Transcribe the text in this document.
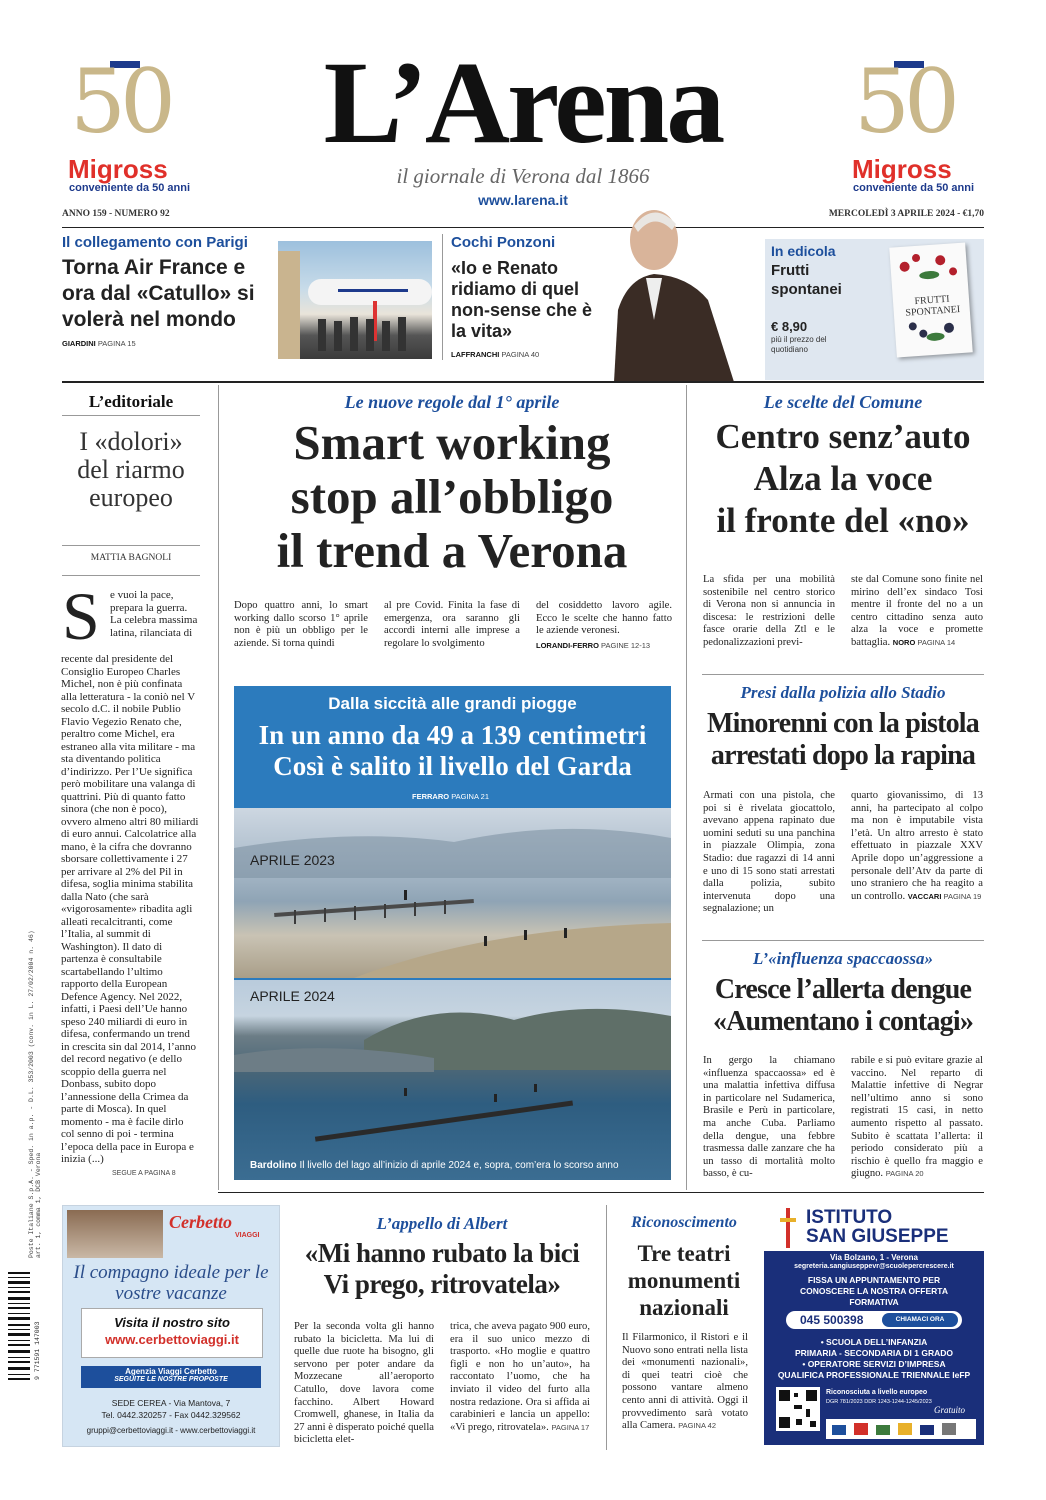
50
Migross
conveniente da 50 anni
50
Migross
conveniente da 50 anni
L’Arena
il giornale di Verona dal 1866
www.larena.it
ANNO 159 - NUMERO 92	MERCOLEDÌ 3 APRILE 2024 - €1,70
Il collegamento con Parigi
Torna Air France e ora dal «Catullo» si volerà nel mondo
GIARDINI PAGINA 15
Cochi Ponzoni
«Io e Renato ridiamo di quel non-sense che è la vita»
LAFFRANCHI PAGINA 40
In edicola
Frutti spontanei
€ 8,90
più il prezzo del quotidiano
FRUTTI SPONTANEI
L’editoriale
I «dolori» del riarmo europeo
MATTIA BAGNOLI
S e vuoi la pace, prepara la guerra. La celebra massima latina, rilanciata di
recente dal presidente del Consiglio Europeo Charles Michel, non è più confinata alla letteratura - la coniò nel V secolo d.C. il nobile Publio Flavio Vegezio Renato che, peraltro come Michel, era estraneo alla vita militare - ma sta diventando politica d’indirizzo. Per l’Ue significa però mobilitare una valanga di quattrini. Più di quanto fatto sinora (che non è poco), ovvero almeno altri 80 miliardi di euro annui. Calcolatrice alla mano, è la cifra che dovranno sborsare collettivamente i 27 per arrivare al 2% del Pil in difesa, soglia minima stabilita dalla Nato (che sarà «vigorosamente» ribadita agli alleati recalcitranti, come l’Italia, al summit di Washington). Il dato di partenza è consultabile scartabellando l’ultimo rapporto della European Defence Agency. Nel 2022, infatti, i Paesi dell’Ue hanno speso 240 miliardi di euro in difesa, confermando un trend in crescita sin dal 2014, l’anno del record negativo (e dello scoppio della guerra nel Donbass, subito dopo l’annessione della Crimea da parte di Mosca). In quel momento - ma è facile dirlo col senno di poi - termina l’epoca della pace in Europa e inizia (...)
SEGUE A PAGINA 8
Poste Italiane S.p.A. - Sped. in a.p. - D.L. 353/2003 (conv. in L. 27/02/2004 n. 46) art. 1, comma 1, DCB Verona
9 771591 147003
Le nuove regole dal 1° aprile
Smart working
stop all’obbligo
il trend a Verona
Dopo quattro anni, lo smart working dallo scorso 1° aprile non è più un obbligo per le aziende. Si torna quindi
al pre Covid. Finita la fase di emergenza, ora saranno gli accordi interni alle imprese a regolare lo svolgimento
del cosiddetto lavoro agile. Ecco le scelte che hanno fatto le aziende veronesi.
LORANDI-FERRO PAGINE 12-13
Dalla siccità alle grandi piogge
In un anno da 49 a 139 centimetri
Così è salito il livello del Garda
FERRARO PAGINA 21
APRILE 2023
APRILE 2024
Bardolino Il livello del lago all’inizio di aprile 2024 e, sopra, com’era lo scorso anno
Le scelte del Comune
Centro senz’auto
Alza la voce
il fronte del «no»
La sfida per una mobilità sostenibile nel centro storico di Verona non si annuncia in discesa: le restrizioni delle fasce orarie della Ztl e le pedonalizzazioni previ-
ste dal Comune sono finite nel mirino dell’ex sindaco Tosi mentre il fronte del no a un centro cittadino senza auto alza la voce e promette battaglia. NORO PAGINA 14
Presi dalla polizia allo Stadio
Minorenni con la pistola
arrestati dopo la rapina
Armati con una pistola, che poi si è rivelata giocattolo, avevano appena rapinato due uomini seduti su una panchina in piazzale Olimpia, zona Stadio: due ragazzi di 14 anni e uno di 15 sono stati arrestati dalla polizia, subito intervenuta dopo una segnalazione; un
quarto giovanissimo, di 13 anni, ha partecipato al colpo ma non è imputabile vista l’età. Un altro arresto è stato effettuato in piazzale XXV Aprile dopo un’aggressione a personale dell’Atv da parte di uno straniero che ha reagito a un controllo. VACCARI PAGINA 19
L’«influenza spaccaossa»
Cresce l’allerta dengue
«Aumentano i contagi»
In gergo la chiamano «influenza spaccaossa» ed è una malattia infettiva diffusa in particolare nel Sudamerica, Brasile e Perù in particolare, ma anche Cuba. Parliamo della dengue, una febbre trasmessa dalle zanzare che ha un tasso di mortalità molto basso, è cu-
rabile e si può evitare grazie al vaccino. Nel reparto di Malattie infettive di Negrar nell’ultimo anno si sono registrati 15 casi, in netto aumento rispetto al passato. Subito è scattata l’allerta: il periodo considerato più a rischio è quello fra maggio e giugno. PAGINA 20
Cerbetto
VIAGGI
Il compagno ideale per le vostre vacanze
Visita il nostro sito
www.cerbettoviaggi.it
Agenzia Viaggi Cerbetto
SEGUITE LE NOSTRE PROPOSTE
SEDE CEREA - Via Mantova, 7
Tel. 0442.320257 - Fax 0442.329562
gruppi@cerbettoviaggi.it - www.cerbettoviaggi.it
L’appello di Albert
«Mi hanno rubato la bici
Vi prego, ritrovatela»
Per la seconda volta gli hanno rubato la bicicletta. Ma lui di quelle due ruote ha bisogno, gli servono per poter andare da Mozzecane all’aeroporto Catullo, dove lavora come facchino. Albert Howard Cromwell, ghanese, in Italia da 27 anni è disperato poiché quella bicicletta elet-
trica, che aveva pagato 900 euro, era il suo unico mezzo di trasporto. «Ho moglie e quattro figli e non ho un’auto», ha raccontato l’uomo, che ha inviato il video del furto alla nostra redazione. Ora si affida ai carabinieri e lancia un appello: «Vi prego, ritrovatela». PAGINA 17
Riconoscimento
Tre teatri
monumenti
nazionali
Il Filarmonico, il Ristori e il Nuovo sono entrati nella lista dei «monumenti nazionali», di quei teatri cioè che possono vantare almeno cento anni di attività. Oggi il provvedimento sarà votato alla Camera. PAGINA 42
ISTITUTO
SAN GIUSEPPE
Via Bolzano, 1 - Verona
segreteria.sangiuseppevr@scuolepercrescere.it
FISSA UN APPUNTAMENTO PER CONOSCERE LA NOSTRA OFFERTA FORMATIVA
045 500398	CHIAMACI ORA
• SCUOLA DELL’INFANZIA
PRIMARIA - SECONDARIA DI 1 GRADO
• OPERATORE SERVIZI D’IMPRESA
QUALIFICA PROFESSIONALE TRIENNALE IeFP
Riconosciuta a livello europeo
DGR 781/2023 DDR 1243-1244-1245/2023
Gratuito
